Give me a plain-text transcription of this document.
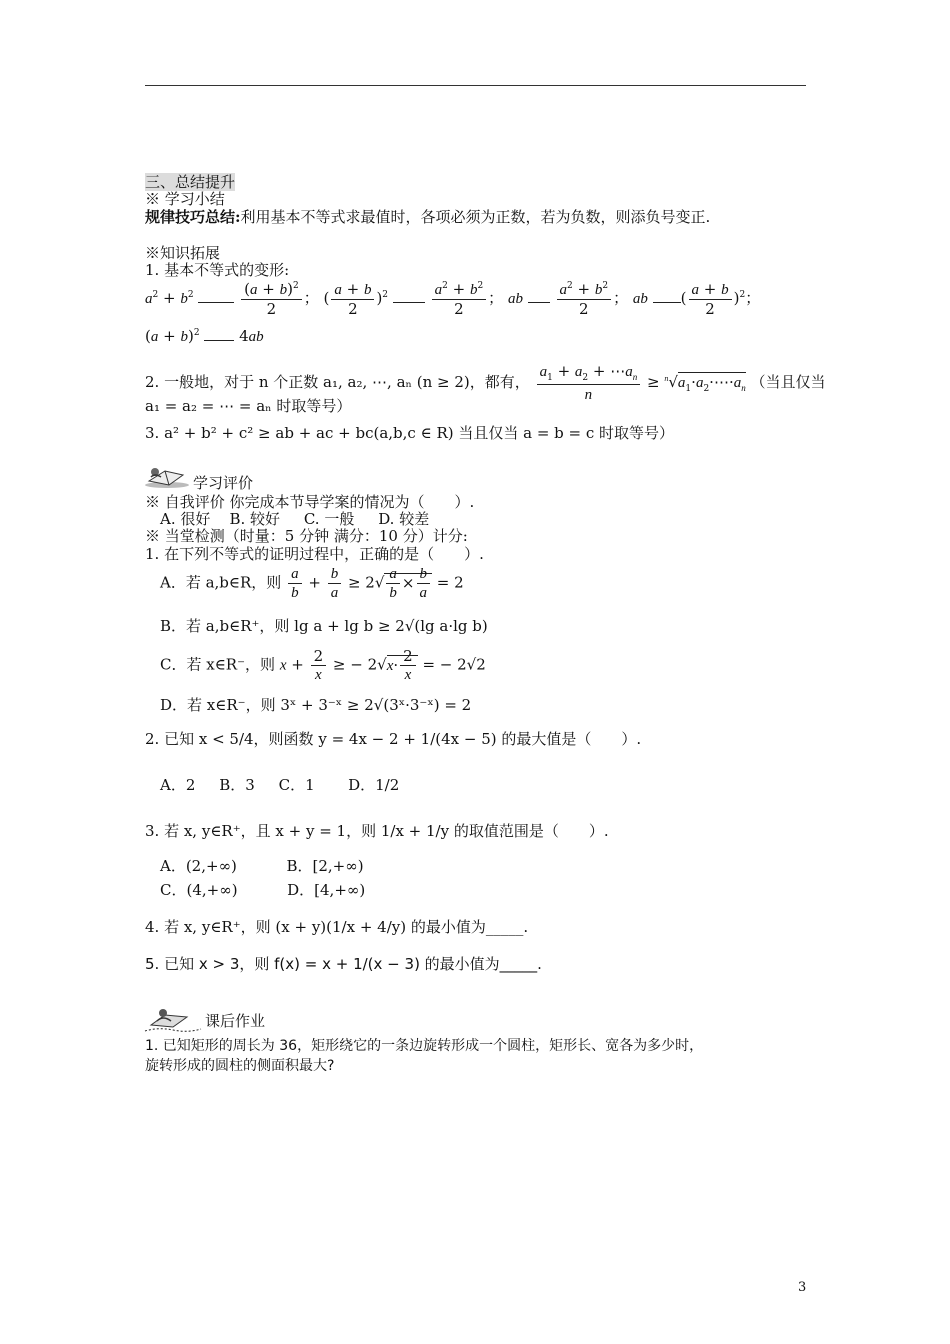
三、总结提升
※ 学习小结
规律技巧总结:利用基本不等式求最值时，各项必须为正数，若为负数，则添负号变正.
※知识拓展
1. 基本不等式的变形:
$a^2 + b^2$	$\frac{(a + b)^2}{2}$ ； ( $\frac{a + b}{2} )^2$	$\frac{a^2 + b^2}{2}$ ； ab $\frac{a^2 + b^2}{2}$ ； ab ( $\frac{a + b}{2} )^2$；
$(a + b)^2$  4ab
2. 一般地，对于 n 个正数 a₁, a₂, ⋯, aₙ (n ≥ 2)，都有， $\frac{a_1 + a_2 + \cdots a_n}{n}$ ≥ $^n√a_1\cdot a_2\cdot\cdots\cdot a_n$ （当且仅当
a₁ = a₂ = ⋯ = aₙ 时取等号）
3. a² + b² + c² ≥ ab + ac + bc(a,b,c ∈ R) 当且仅当 a = b = c 时取等号）
学习评价
※ 自我评价 你完成本节导学案的情况为（　　）.
A. 很好 B. 较好 C. 一般 D. 较差
※ 当堂检测（时量：5 分钟 满分：10 分）计分:
1. 在下列不等式的证明过程中，正确的是（　　）.
A．若 a,b∈R，则 $\frac{a}{b} + \frac{b}{a} \ge 2√ \frac{a}{b} \times \frac{b}{a} = 2$
B．若 a,b∈R⁺，则 lg a + lg b ≥ 2√(lg a·lg b)
C．若 x∈R⁻，则 $x + \frac{2}{x}$ ≥ − $2√x\cdot \frac{2}{x}$ = − 2√2
D．若 x∈R⁻，则 3ˣ + 3⁻ˣ ≥ 2√(3ˣ·3⁻ˣ) = 2
2. 已知 x < 5/4，则函数 y = 4x − 2 + 1/(4x − 5) 的最大值是（　　）.
A．2 B．3 C．1 D．1/2
3. 若 x, y∈R⁺，且 x + y = 1，则 1/x + 1/y 的取值范围是（　　）.
A．(2,+∞)	B．[2,+∞)
C．(4,+∞)	D．[4,+∞)
4. 若 x, y∈R⁺，则 (x + y)(1/x + 4/y) 的最小值为_____.
5. 已知 x > 3，则 f(x) = x + 1/(x − 3) 的最小值为_____.
课后作业
1. 已知矩形的周长为 36，矩形绕它的一条边旋转形成一个圆柱，矩形长、宽各为多少时，
旋转形成的圆柱的侧面积最大?
3
